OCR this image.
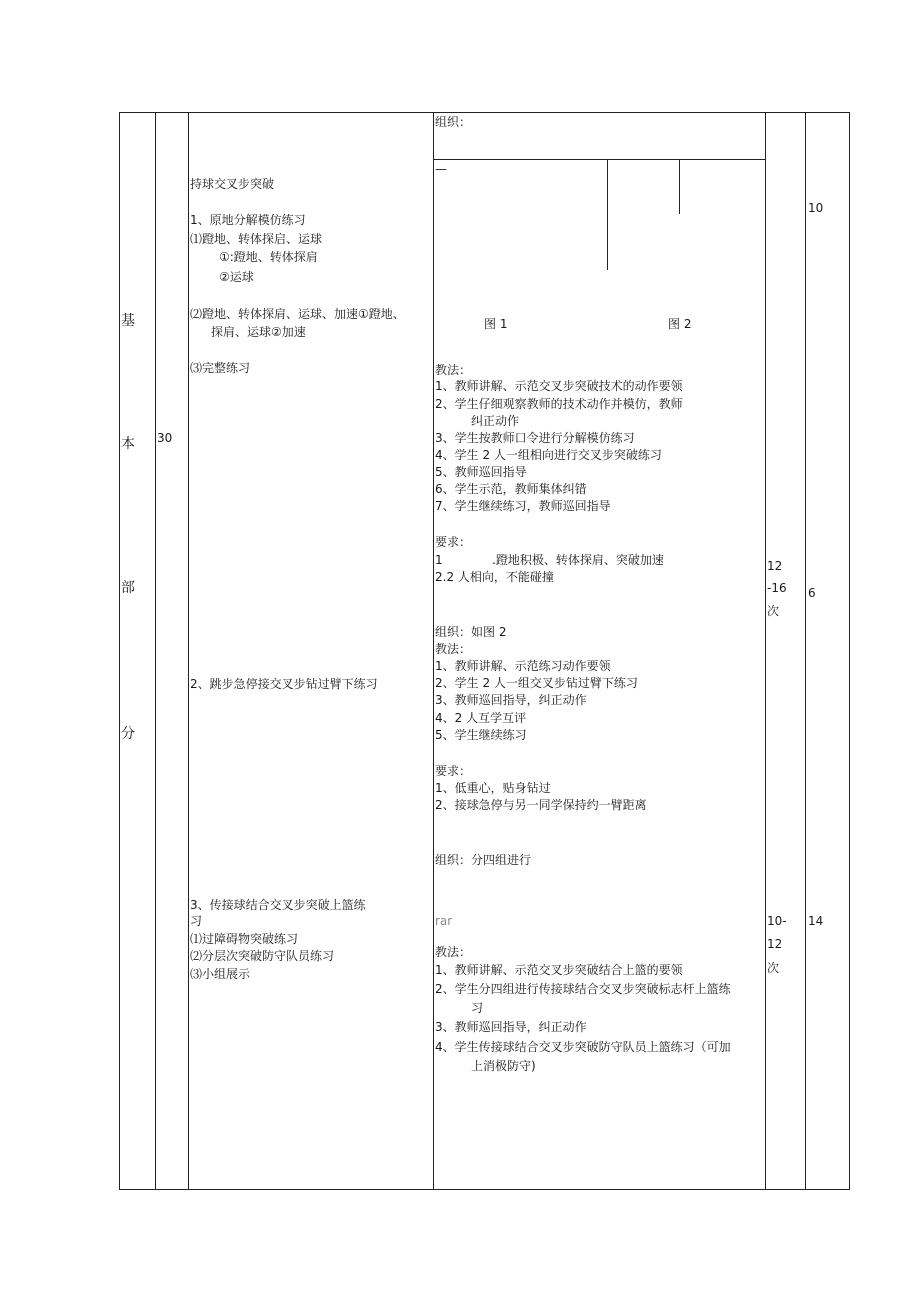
基
本
部
分
30
持球交叉步突破
1、原地分解模仿练习
⑴蹬地、转体探启、运球
①:蹬地、转体探肩
②运球
⑵蹬地、转体探肩、运球、加速①蹬地、
探肩、运球②加速
⑶完整练习
2、跳步急停接交叉步钻过臂下练习
3、传接球结合交叉步突破上篮练
习
⑴过障碍物突破练习
⑵分层次突破防守队员练习
⑶小组展示
组织：
—
图 1	图 2
教法：
1、教师讲解、示范交叉步突破技术的动作要领
2、学生仔细观察教师的技术动作并模仿，教师
纠正动作
3、学生按教师口令进行分解模仿练习
4、学生 2 人一组相向进行交叉步突破练习
5、教师巡回指导
6、学生示范，教师集体纠错
7、学生继续练习，教师巡回指导
要求：
1	.蹬地积极、转体探肩、突破加速
2.2 人相向，不能碰撞
组织：如图 2
教法：
1、教师讲解、示范练习动作要领
2、学生 2 人一组交叉步钻过臂下练习
3、教师巡回指导，纠正动作
4、2 人互学互评
5、学生继续练习
要求：
1、低重心，贴身钻过
2、接球急停与另一同学保持约一臂距离
组织：分四组进行
rar
教法：
1、教师讲解、示范交叉步突破结合上篮的要领
2、学生分四组进行传接球结合交叉步突破标志杆上篮练
习
3、教师巡回指导，纠正动作
4、学生传接球结合交叉步突破防守队员上篮练习（可加
上消极防守)
12
-16
次
10-
12
次
10
6
14
